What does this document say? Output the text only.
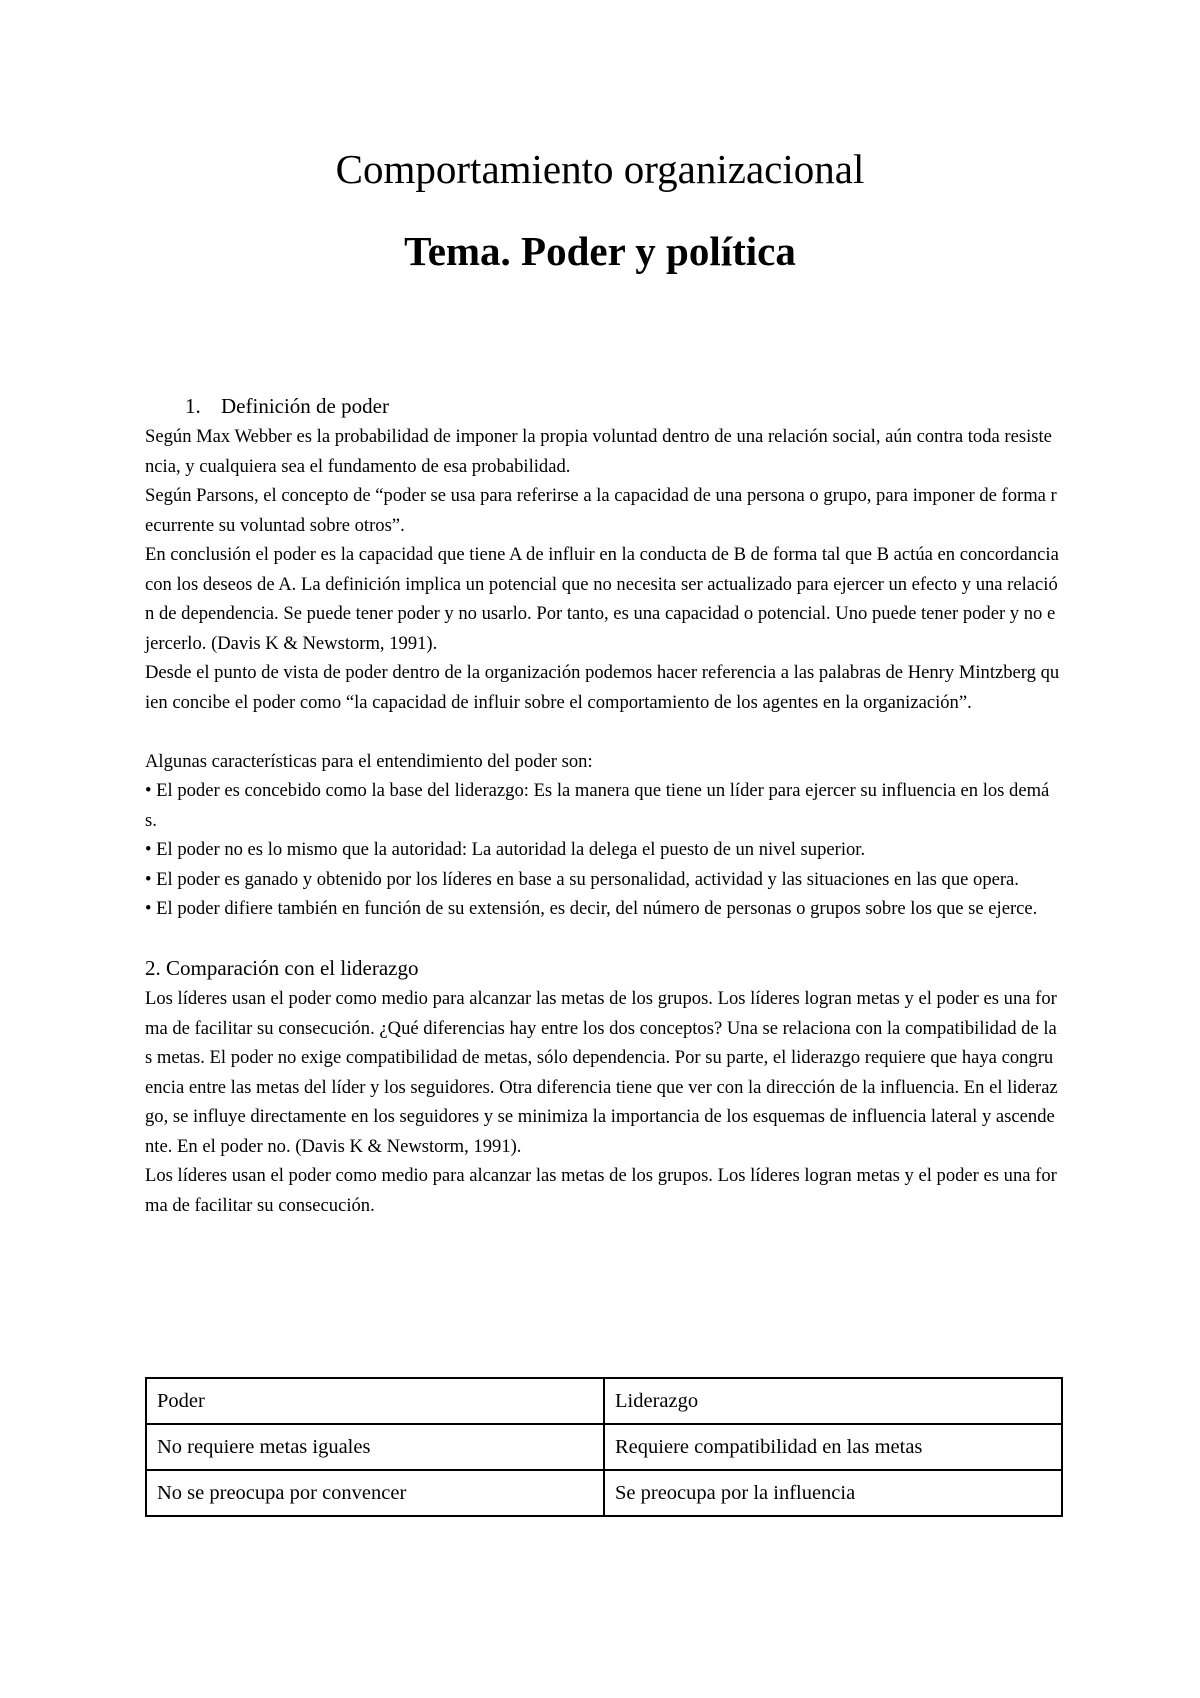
Comportamiento organizacional
Tema. Poder y política
1. Definición de poder

Según Max Webber es la probabilidad de imponer la propia voluntad dentro de una relación social, aún contra toda resistencia, y cualquiera sea el fundamento de esa probabilidad.

Según Parsons, el concepto de “poder se usa para referirse a la capacidad de una persona o grupo, para imponer de forma recurrente su voluntad sobre otros”.

En conclusión el poder es la capacidad que tiene A de influir en la conducta de B de forma tal que B actúa en concordancia con los deseos de A. La definición implica un potencial que no necesita ser actualizado para ejercer un efecto y una relación de dependencia. Se puede tener poder y no usarlo. Por tanto, es una capacidad o potencial. Uno puede tener poder y no ejercerlo. (Davis K & Newstorm, 1991).

Desde el punto de vista de poder dentro de la organización podemos hacer referencia a las palabras de Henry Mintzberg quien concibe el poder como “la capacidad de influir sobre el comportamiento de los agentes en la organización”.

Algunas características para el entendimiento del poder son:

• El poder es concebido como la base del liderazgo: Es la manera que tiene un líder para ejercer su influencia en los demás.

• El poder no es lo mismo que la autoridad: La autoridad la delega el puesto de un nivel superior.

• El poder es ganado y obtenido por los líderes en base a su personalidad, actividad y las situaciones en las que opera.

• El poder difiere también en función de su extensión, es decir, del número de personas o grupos sobre los que se ejerce.

2. Comparación con el liderazgo

Los líderes usan el poder como medio para alcanzar las metas de los grupos. Los líderes logran metas y el poder es una forma de facilitar su consecución. ¿Qué diferencias hay entre los dos conceptos? Una se relaciona con la compatibilidad de las metas. El poder no exige compatibilidad de metas, sólo dependencia. Por su parte, el liderazgo requiere que haya congruencia entre las metas del líder y los seguidores. Otra diferencia tiene que ver con la dirección de la influencia. En el liderazgo, se influye directamente en los seguidores y se minimiza la importancia de los esquemas de influencia lateral y ascendente. En el poder no. (Davis K & Newstorm, 1991).

Los líderes usan el poder como medio para alcanzar las metas de los grupos. Los líderes logran metas y el poder es una forma de facilitar su consecución.

Poder	Liderazgo
No requiere metas iguales	Requiere compatibilidad en las metas
No se preocupa por convencer	Se preocupa por la influencia
